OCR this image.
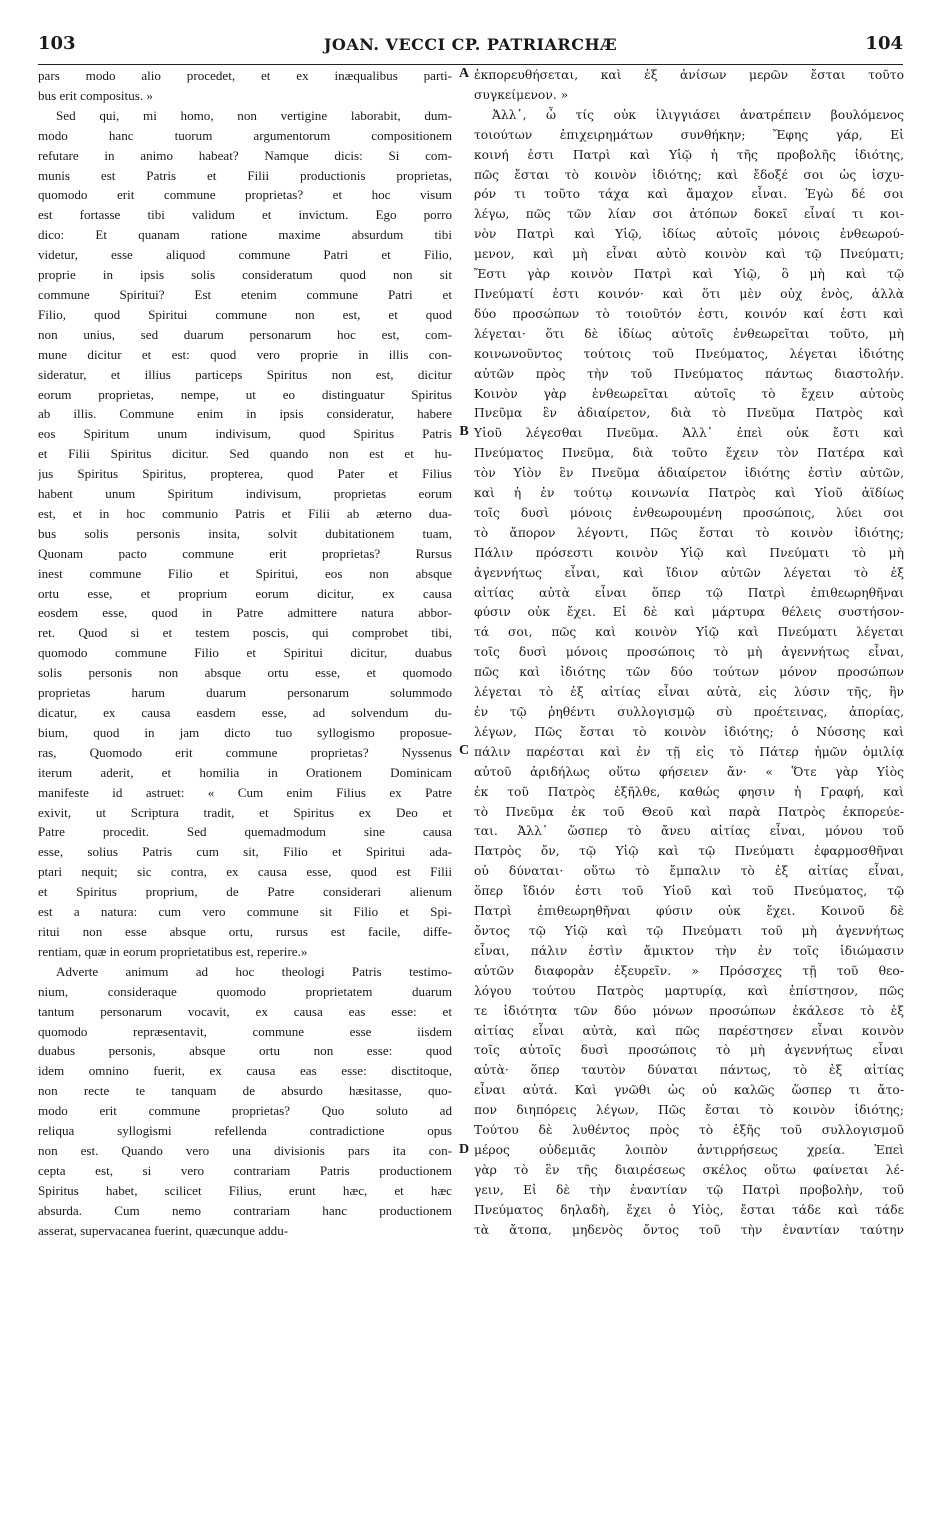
103	JOAN. VECCI CP. PATRIARCHÆ	104
pars modo alio procedet, et ex inæqualibus parti-
bus erit compositus. »
Sed qui, mi homo, non vertigine laborabit, dum-
modo hanc tuorum argumentorum compositionem
refutare in animo habeat? Namque dicis: Si com-
munis est Patris et Filii productionis proprietas,
quomodo erit commune proprietas? et hoc visum
est fortasse tibi validum et invictum. Ego porro
dico: Et quanam ratione maxime absurdum tibi
videtur, esse aliquod commune Patri et Filio,
proprie in ipsis solis consideratum quod non sit
commune Spiritui? Est etenim commune Patri et
Filio, quod Spiritui commune non est, et quod
non unius, sed duarum personarum hoc est, com-
mune dicitur et est: quod vero proprie in illis con-
sideratur, et illius particeps Spiritus non est, dicitur
eorum proprietas, nempe, ut eo distinguatur Spiritus
ab illis. Commune enim in ipsis consideratur, habere
eos Spiritum unum indivisum, quod Spiritus Patris
et Filii Spiritus dicitur. Sed quando non est et hu-
jus Spiritus Spiritus, propterea, quod Pater et Filius
habent unum Spiritum indivisum, proprietas eorum
est, et in hoc communio Patris et Filii ab æterno dua-
bus solis personis insita, solvit dubitationem tuam,
Quonam pacto commune erit proprietas? Rursus
inest commune Filio et Spiritui, eos non absque
ortu esse, et proprium eorum dicitur, ex causa
eosdem esse, quod in Patre admittere natura abbor-
ret. Quod si et testem poscis, qui comprobet tibi,
quomodo commune Filio et Spiritui dicitur, duabus
solis personis non absque ortu esse, et quomodo
proprietas harum duarum personarum solummodo
dicatur, ex causa easdem esse, ad solvendum du-
bium, quod in jam dicto tuo syllogismo proposue-
ras, Quomodo erit commune proprietas? Nyssenus
iterum aderit, et homilia in Orationem Dominicam
manifeste id astruet: « Cum enim Filius ex Patre
exivit, ut Scriptura tradit, et Spiritus ex Deo et
Patre procedit. Sed quemadmodum sine causa
esse, solius Patris cum sit, Filio et Spiritui ada-
ptari nequit; sic contra, ex causa esse, quod est Filii
et Spiritus proprium, de Patre considerari alienum
est a natura: cum vero commune sit Filio et Spi-
ritui non esse absque ortu, rursus est facile, diffe-
rentiam, quæ in eorum proprietatibus est, reperire.»
Adverte animum ad hoc theologi Patris testimo-
nium, consideraque quomodo proprietatem duarum
tantum personarum vocavit, ex causa eas esse: et
quomodo repræsentavit, commune esse iisdem
duabus personis, absque ortu non esse: quod
idem omnino fuerit, ex causa eas esse: disctitoque,
non recte te tanquam de absurdo hæsitasse, quo-
modo erit commune proprietas? Quo soluto ad
reliqua syllogismi refellenda contradictione opus
non est. Quando vero una divisionis pars ita con-
cepta est, si vero contrariam Patris productionem
Spiritus habet, scilicet Filius, erunt hæc, et hæc
absurda. Cum nemo contrariam hanc productionem
asserat, supervacanea fuerint, quæcunque addu-
ἐκπορευθήσεται, καὶ ἐξ ἀνίσων μερῶν ἔσται τοῦτο
συγκείμενον. »
Ἀλλ᾽, ὦ τίς οὐκ ἰλιγγιάσει ἀνατρέπειν βουλόμενος
τοιούτων ἐπιχειρημάτων συνθήκην; Ἔφης γάρ, Εἰ
κοινή ἐστι Πατρὶ καὶ Υἱῷ ἡ τῆς προβολῆς ἰδιότης,
πῶς ἔσται τὸ κοινὸν ἰδιότης; καὶ ἔδοξέ σοι ὡς ἰσχυ-
ρόν τι τοῦτο τάχα καὶ ἄμαχον εἶναι. Ἐγὼ δέ σοι
λέγω, πῶς τῶν λίαν σοι ἀτόπων δοκεῖ εἶναί τι κοι-
νὸν Πατρὶ καὶ Υἱῷ, ἰδίως αὐτοῖς μόνοις ἐνθεωρού-
μενον, καὶ μὴ εἶναι αὐτὸ κοινὸν καὶ τῷ Πνεύματι;
Ἔστι γὰρ κοινὸν Πατρὶ καὶ Υἱῷ, ὃ μὴ καὶ τῷ
Πνεύματί ἐστι κοινόν· καὶ ὅτι μὲν οὐχ ἑνὸς, ἀλλὰ
δύο προσώπων τὸ τοιοῦτόν ἐστι, κοινόν καί ἐστι καὶ
λέγεται· ὅτι δὲ ἰδίως αὐτοῖς ἐνθεωρεῖται τοῦτο, μὴ
κοινωνοῦντος τούτοις τοῦ Πνεύματος, λέγεται ἰδιότης
αὐτῶν πρὸς τὴν τοῦ Πνεύματος πάντως διαστολήν.
Κοινὸν γὰρ ἐνθεωρεῖται αὐτοῖς τὸ ἔχειν αὐτοὺς
Πνεῦμα ἓν ἀδιαίρετον, διὰ τὸ Πνεῦμα Πατρὸς καὶ
Υἱοῦ λέγεσθαι Πνεῦμα. Ἀλλ᾽ ἐπεὶ οὐκ ἔστι καὶ
Πνεύματος Πνεῦμα, διὰ τοῦτο ἔχειν τὸν Πατέρα καὶ
τὸν Υἱὸν ἓν Πνεῦμα ἀδιαίρετον ἰδιότης ἐστὶν αὐτῶν,
καὶ ἡ ἐν τούτῳ κοινωνία Πατρὸς καὶ Υἱοῦ ἀϊδίως
τοῖς δυσὶ μόνοις ἐνθεωρουμένη προσώποις, λύει σοι
τὸ ἄπορον λέγοντι, Πῶς ἔσται τὸ κοινὸν ἰδιότης;
Πάλιν πρόσεστι κοινὸν Υἱῷ καὶ Πνεύματι τὸ μὴ
ἀγεννήτως εἶναι, καὶ ἴδιον αὐτῶν λέγεται τὸ ἐξ
αἰτίας αὐτὰ εἶναι ὅπερ τῷ Πατρὶ ἐπιθεωρηθῆναι
φύσιν οὐκ ἔχει. Εἰ δὲ καὶ μάρτυρα θέλεις συστήσον-
τά σοι, πῶς καὶ κοινὸν Υἱῷ καὶ Πνεύματι λέγεται
τοῖς δυσὶ μόνοις προσώποις τὸ μὴ ἀγεννήτως εἶναι,
πῶς καὶ ἰδιότης τῶν δύο τούτων μόνον προσώπων
λέγεται τὸ ἐξ αἰτίας εἶναι αὐτὰ, εἰς λύσιν τῆς, ἣν
ἐν τῷ ῥηθέντι συλλογισμῷ σὺ προέτεινας, ἀπορίας,
λέγων, Πῶς ἔσται τὸ κοινὸν ἰδιότης; ὁ Νύσσης καὶ
πάλιν παρέσται καὶ ἐν τῇ εἰς τὸ Πάτερ ἡμῶν ὁμιλίᾳ
αὐτοῦ ἀριδήλως οὕτω φήσειεν ἄν· « Ὅτε γὰρ Υἱὸς
ἐκ τοῦ Πατρὸς ἐξῆλθε, καθώς φησιν ἡ Γραφή, καὶ
τὸ Πνεῦμα ἐκ τοῦ Θεοῦ καὶ παρὰ Πατρὸς ἐκπορεύε-
ται. Ἀλλ᾽ ὥσπερ τὸ ἄνευ αἰτίας εἶναι, μόνου τοῦ
Πατρὸς ὄν, τῷ Υἱῷ καὶ τῷ Πνεύματι ἐφαρμοσθῆναι
οὐ δύναται· οὕτω τὸ ἔμπαλιν τὸ ἐξ αἰτίας εἶναι,
ὅπερ ἴδιόν ἐστι τοῦ Υἱοῦ καὶ τοῦ Πνεύματος, τῷ
Πατρὶ ἐπιθεωρηθῆναι φύσιν οὐκ ἔχει. Κοινοῦ δὲ
ὄντος τῷ Υἱῷ καὶ τῷ Πνεύματι τοῦ μὴ ἀγεννήτως
εἶναι, πάλιν ἐστὶν ἄμικτον τὴν ἐν τοῖς ἰδιώμασιν
αὐτῶν διαφορὰν ἐξευρεῖν. » Πρόσσχες τῇ τοῦ θεο-
λόγου τούτου Πατρὸς μαρτυρίᾳ, καὶ ἐπίστησον, πῶς
τε ἰδιότητα τῶν δύο μόνων προσώπων ἐκάλεσε τὸ ἐξ
αἰτίας εἶναι αὐτὰ, καὶ πῶς παρέστησεν εἶναι κοινὸν
τοῖς αὐτοῖς δυσὶ προσώποις τὸ μὴ ἀγεννήτως εἶναι
αὐτὰ· ὅπερ ταυτὸν δύναται πάντως, τὸ ἐξ αἰτίας
εἶναι αὐτά. Καὶ γνῶθι ὡς οὐ καλῶς ὥσπερ τι ἄτο-
πον διηπόρεις λέγων, Πῶς ἔσται τὸ κοινὸν ἰδιότης;
Τούτου δὲ λυθέντος πρὸς τὸ ἑξῆς τοῦ συλλογισμοῦ
μέρος οὐδεμιᾶς λοιπὸν ἀντιρρήσεως χρεία. Ἐπεὶ
γὰρ τὸ ἓν τῆς διαιρέσεως σκέλος οὕτω φαίνεται λέ-
γειν, Εἰ δὲ τὴν ἐναντίαν τῷ Πατρὶ προβολὴν, τοῦ
Πνεύματος δηλαδὴ, ἔχει ὁ Υἱὸς, ἔσται τάδε καὶ τάδε
τὰ ἄτοπα, μηδενὸς ὄντος τοῦ τὴν ἐναντίαν ταύτην
A
B
C
D
